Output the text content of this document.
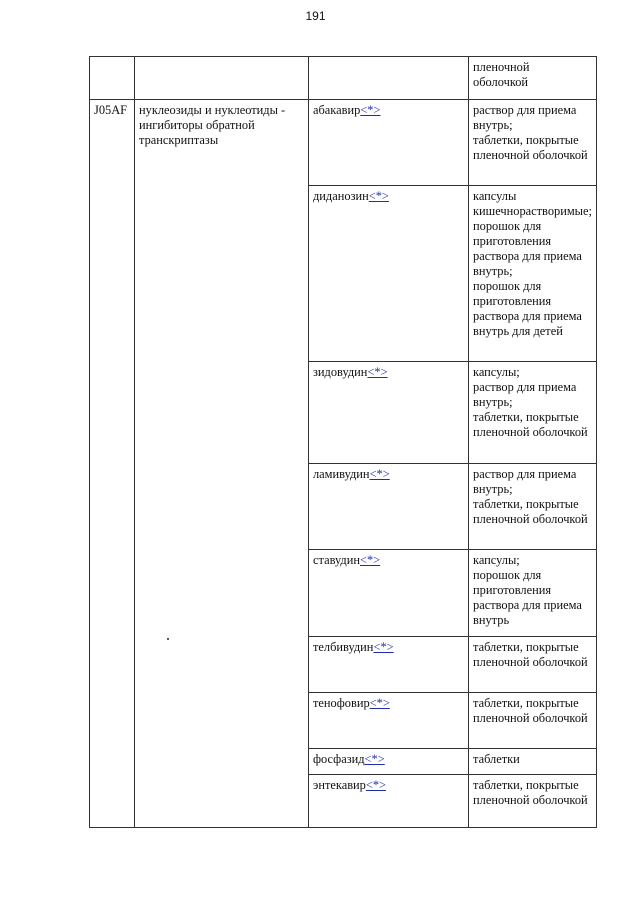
191

			пленочной
оболочкой

J05AF	нуклеозиды и нуклеотиды - ингибиторы обратной транскриптазы	абакавир<*>	раствор для приема внутрь;
таблетки, покрытые пленочной оболочкой

		диданозин<*>	капсулы кишечнорастворимые;
порошок для приготовления раствора для приема внутрь;
порошок для приготовления раствора для приема внутрь для детей

		зидовудин<*>	капсулы;
раствор для приема внутрь;
таблетки, покрытые пленочной оболочкой

		ламивудин<*>	раствор для приема внутрь;
таблетки, покрытые пленочной оболочкой

		ставудин<*>	капсулы;
порошок для приготовления раствора для приема внутрь

		телбивудин<*>	таблетки, покрытые пленочной оболочкой

		тенофовир<*>	таблетки, покрытые пленочной оболочкой

		фосфазид<*>	таблетки

		энтекавир<*>	таблетки, покрытые пленочной оболочкой
